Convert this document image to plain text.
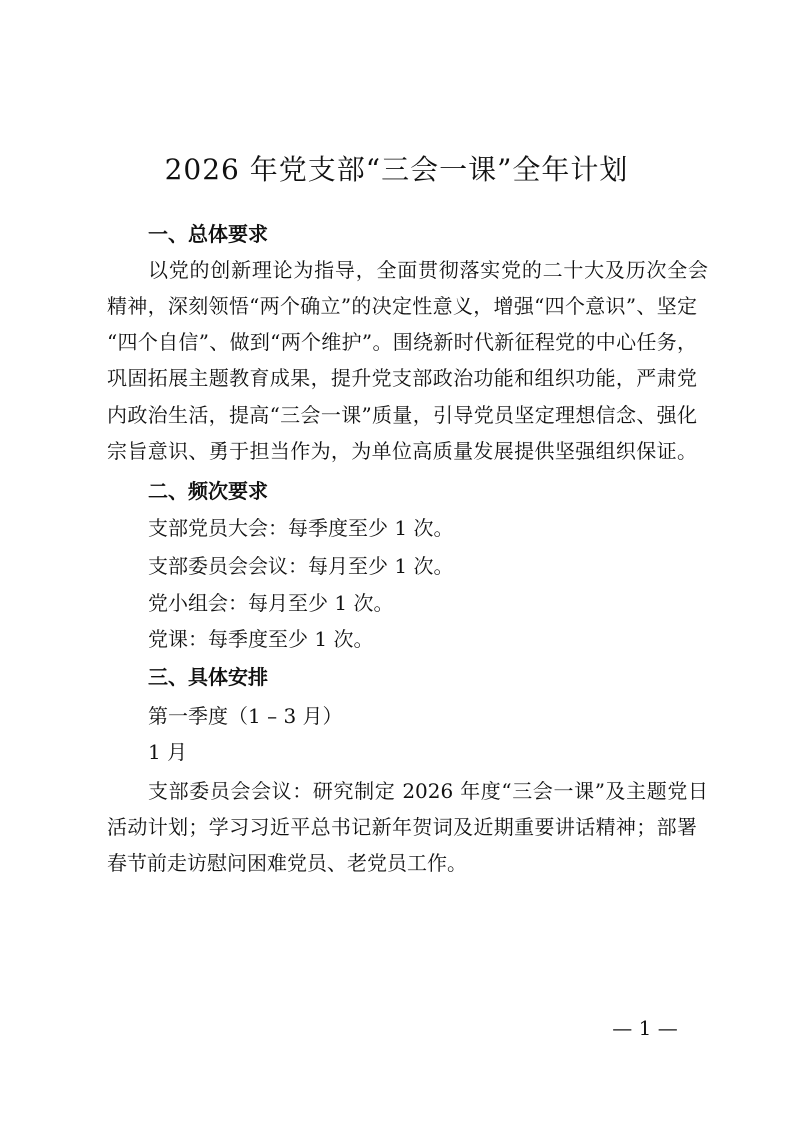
2026 年党支部“三会一课”全年计划
一、总体要求
以党的创新理论为指导，全面贯彻落实党的二十大及历次全会
精神，深刻领悟“两个确立”的决定性意义，增强“四个意识”、坚定
“四个自信”、做到“两个维护”。围绕新时代新征程党的中心任务，
巩固拓展主题教育成果，提升党支部政治功能和组织功能，严肃党
内政治生活，提高“三会一课”质量，引导党员坚定理想信念、强化
宗旨意识、勇于担当作为，为单位高质量发展提供坚强组织保证。
二、频次要求
支部党员大会：每季度至少 1 次。
支部委员会会议：每月至少 1 次。
党小组会：每月至少 1 次。
党课：每季度至少 1 次。
三、具体安排
第一季度（1 – 3 月）
1 月
支部委员会会议：研究制定 2026 年度“三会一课”及主题党日
活动计划；学习习近平总书记新年贺词及近期重要讲话精神；部署
春节前走访慰问困难党员、老党员工作。
— 1 —
